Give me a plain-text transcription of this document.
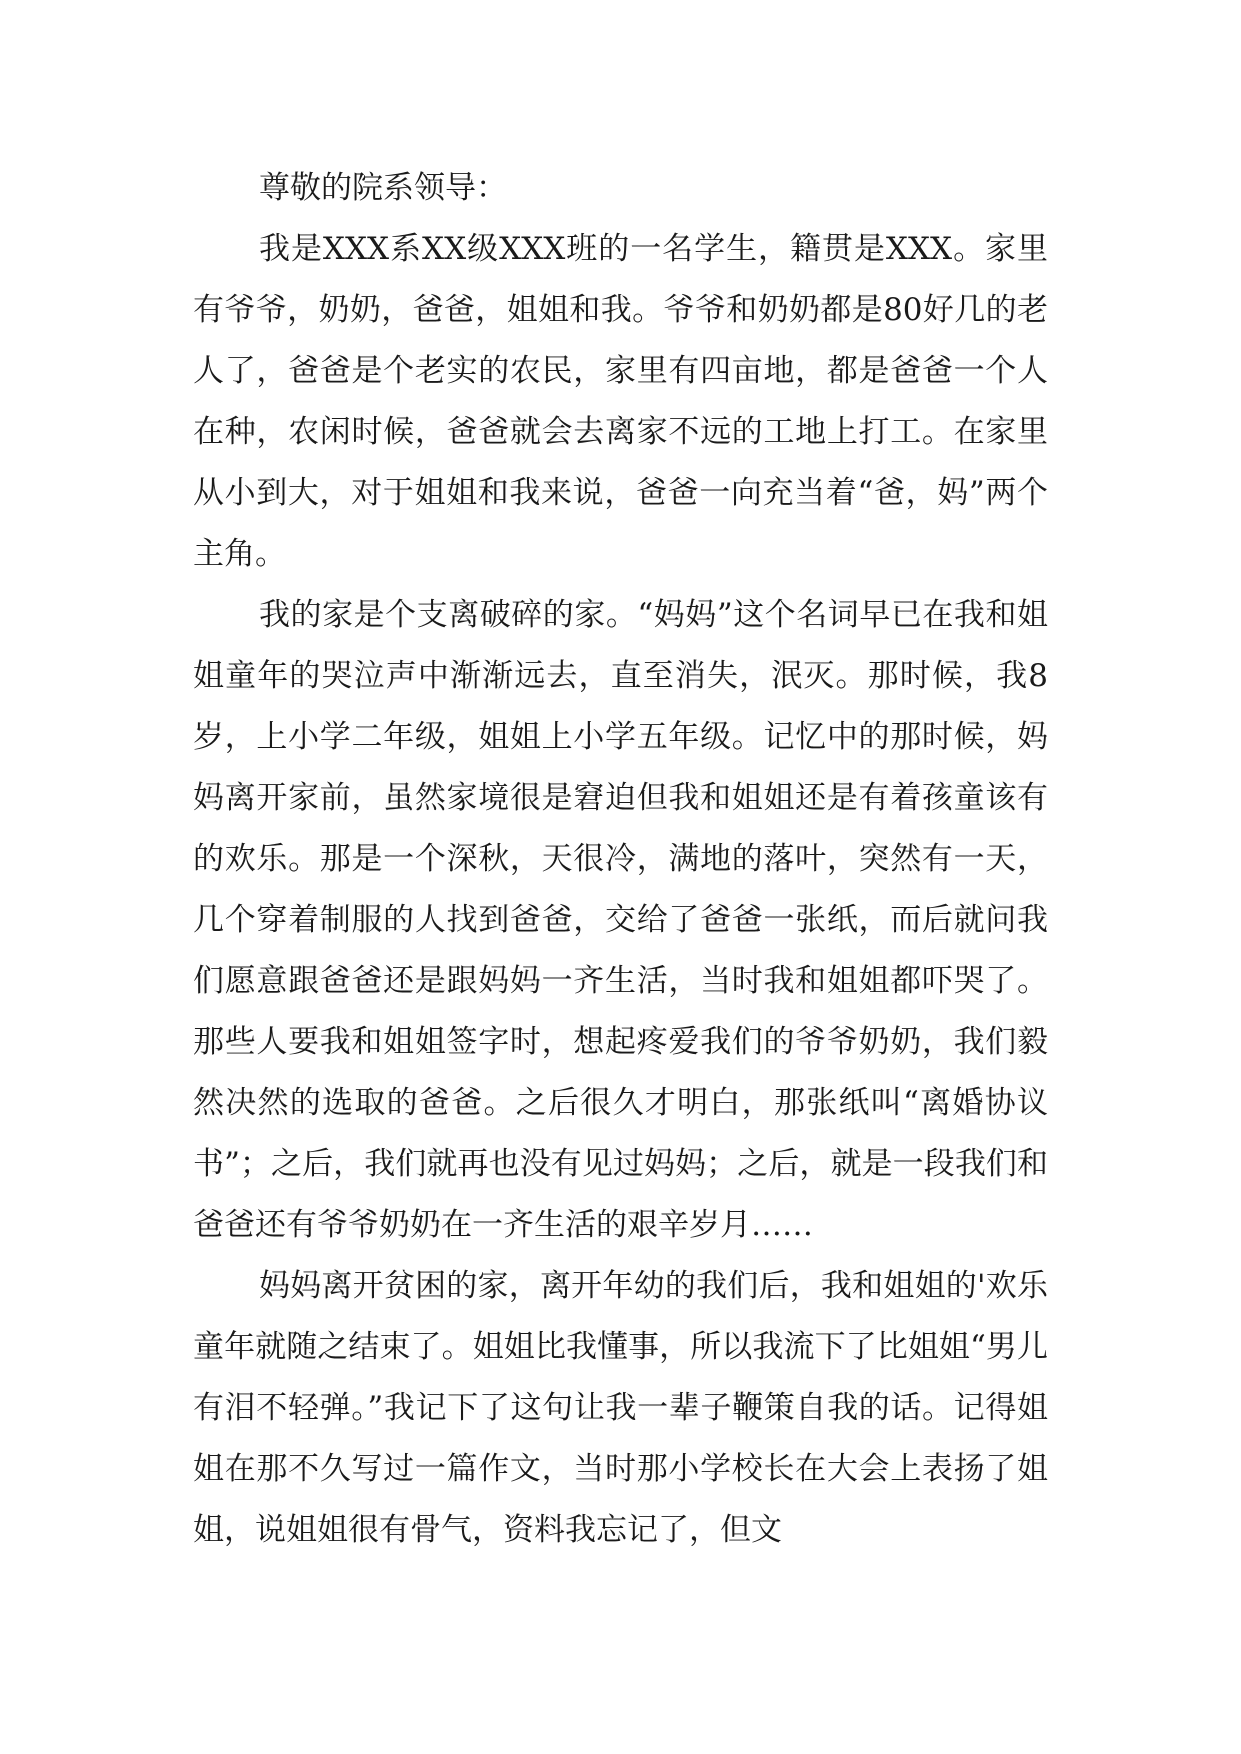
尊敬的院系领导：

我是XXX系XX级XXX班的一名学生，籍贯是XXX。家里有爷爷，奶奶，爸爸，姐姐和我。爷爷和奶奶都是80好几的老人了，爸爸是个老实的农民，家里有四亩地，都是爸爸一个人在种，农闲时候，爸爸就会去离家不远的工地上打工。在家里从小到大，对于姐姐和我来说，爸爸一向充当着“爸，妈”两个主角。

我的家是个支离破碎的家。“妈妈”这个名词早已在我和姐姐童年的哭泣声中渐渐远去，直至消失，泯灭。那时候，我8岁，上小学二年级，姐姐上小学五年级。记忆中的那时候，妈妈离开家前，虽然家境很是窘迫但我和姐姐还是有着孩童该有的欢乐。那是一个深秋，天很冷，满地的落叶，突然有一天，几个穿着制服的人找到爸爸，交给了爸爸一张纸，而后就问我们愿意跟爸爸还是跟妈妈一齐生活，当时我和姐姐都吓哭了。那些人要我和姐姐签字时，想起疼爱我们的爷爷奶奶，我们毅然决然的选取的爸爸。之后很久才明白，那张纸叫“离婚协议书”；之后，我们就再也没有见过妈妈；之后，就是一段我们和爸爸还有爷爷奶奶在一齐生活的艰辛岁月……

妈妈离开贫困的家，离开年幼的我们后，我和姐姐的'欢乐童年就随之结束了。姐姐比我懂事，所以我流下了比姐姐“男儿有泪不轻弹。”我记下了这句让我一辈子鞭策自我的话。记得姐姐在那不久写过一篇作文，当时那小学校长在大会上表扬了姐姐，说姐姐很有骨气，资料我忘记了，但文
